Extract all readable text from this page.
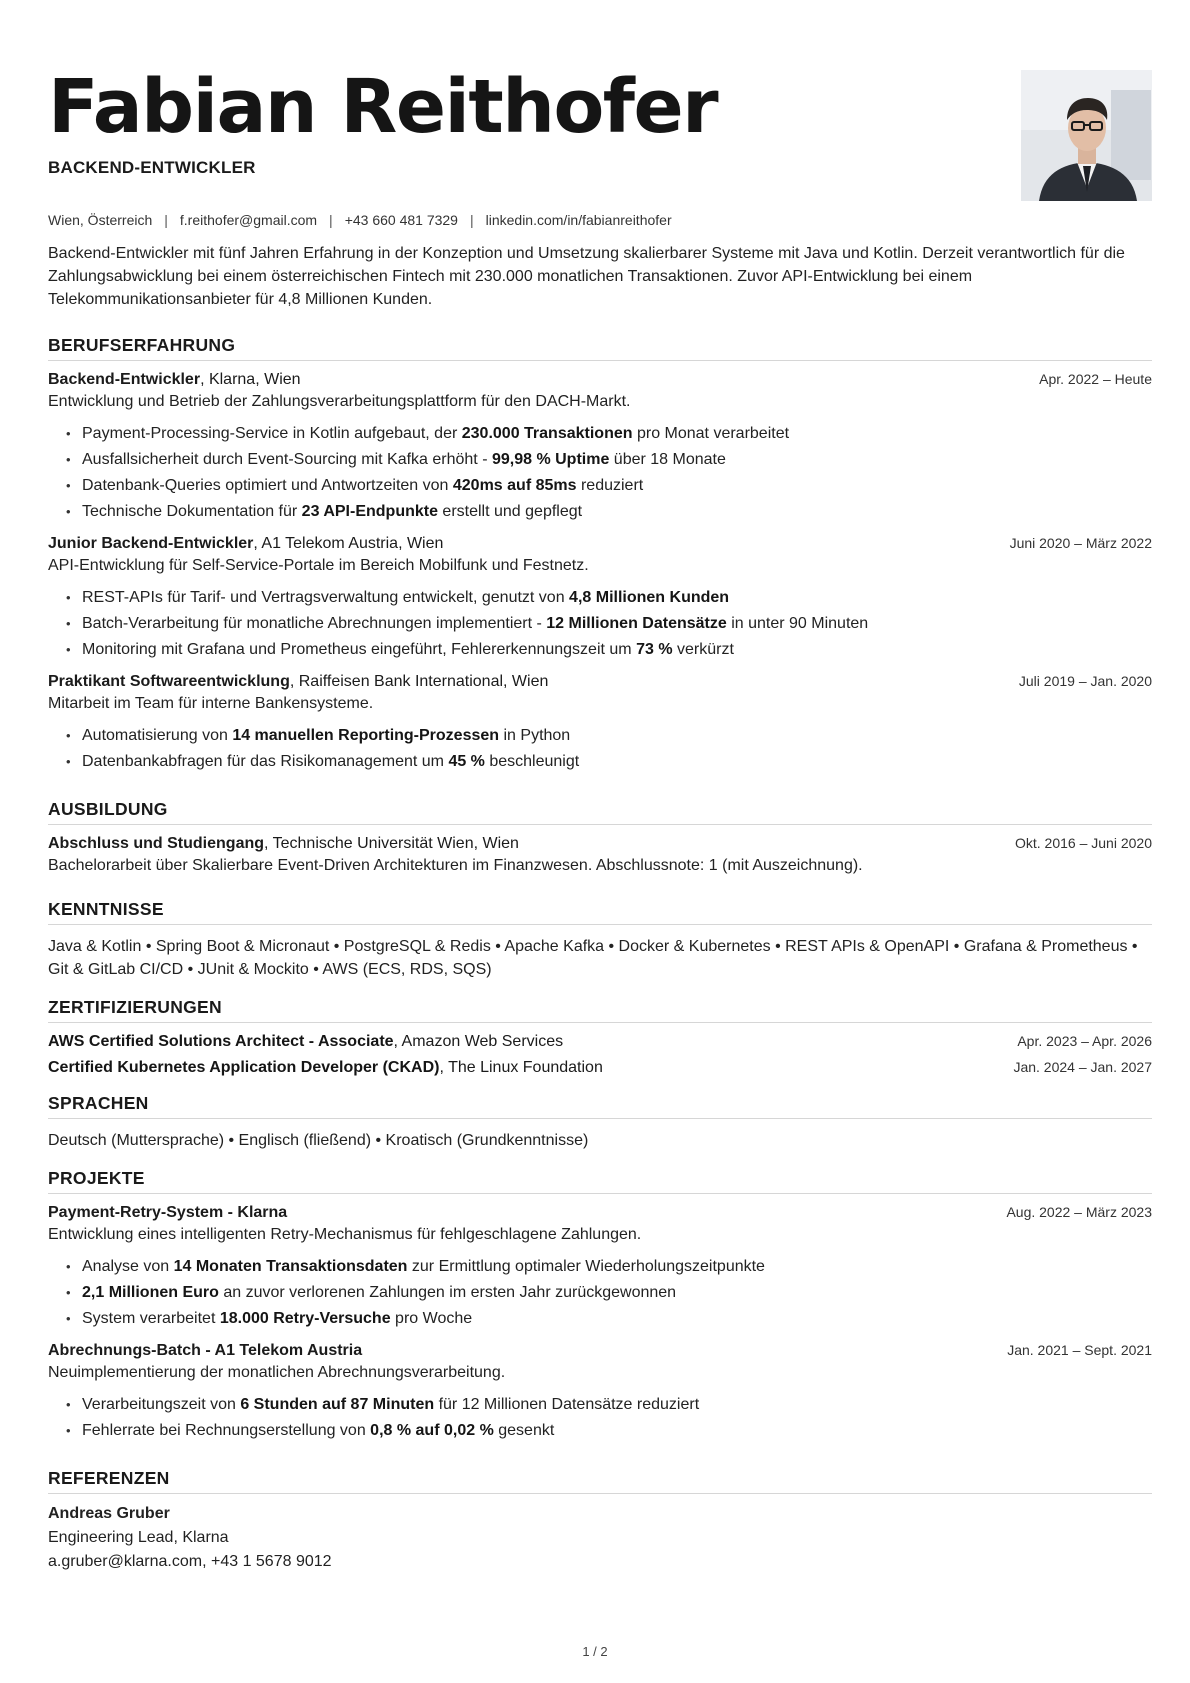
Fabian Reithofer
BACKEND-ENTWICKLER
Wien, Österreich | f.reithofer@gmail.com | +43 660 481 7329 | linkedin.com/in/fabianreithofer
Backend-Entwickler mit fünf Jahren Erfahrung in der Konzeption und Umsetzung skalierbarer Systeme mit Java und Kotlin. Derzeit verantwortlich für die Zahlungsabwicklung bei einem österreichischen Fintech mit 230.000 monatlichen Transaktionen. Zuvor API-Entwicklung bei einem Telekommunikationsanbieter für 4,8 Millionen Kunden.
BERUFSERFAHRUNG
Backend-Entwickler, Klarna, Wien	Apr. 2022 – Heute
Entwicklung und Betrieb der Zahlungsverarbeitungsplattform für den DACH-Markt.
• Payment-Processing-Service in Kotlin aufgebaut, der 230.000 Transaktionen pro Monat verarbeitet
• Ausfallsicherheit durch Event-Sourcing mit Kafka erhöht - 99,98 % Uptime über 18 Monate
• Datenbank-Queries optimiert und Antwortzeiten von 420ms auf 85ms reduziert
• Technische Dokumentation für 23 API-Endpunkte erstellt und gepflegt
Junior Backend-Entwickler, A1 Telekom Austria, Wien	Juni 2020 – März 2022
API-Entwicklung für Self-Service-Portale im Bereich Mobilfunk und Festnetz.
• REST-APIs für Tarif- und Vertragsverwaltung entwickelt, genutzt von 4,8 Millionen Kunden
• Batch-Verarbeitung für monatliche Abrechnungen implementiert - 12 Millionen Datensätze in unter 90 Minuten
• Monitoring mit Grafana und Prometheus eingeführt, Fehlererkennungszeit um 73 % verkürzt
Praktikant Softwareentwicklung, Raiffeisen Bank International, Wien	Juli 2019 – Jan. 2020
Mitarbeit im Team für interne Bankensysteme.
• Automatisierung von 14 manuellen Reporting-Prozessen in Python
• Datenbankabfragen für das Risikomanagement um 45 % beschleunigt
AUSBILDUNG
Abschluss und Studiengang, Technische Universität Wien, Wien	Okt. 2016 – Juni 2020
Bachelorarbeit über Skalierbare Event-Driven Architekturen im Finanzwesen. Abschlussnote: 1 (mit Auszeichnung).
KENNTNISSE
Java & Kotlin • Spring Boot & Micronaut • PostgreSQL & Redis • Apache Kafka • Docker & Kubernetes • REST APIs & OpenAPI • Grafana & Prometheus • Git & GitLab CI/CD • JUnit & Mockito • AWS (ECS, RDS, SQS)
ZERTIFIZIERUNGEN
AWS Certified Solutions Architect - Associate, Amazon Web Services	Apr. 2023 – Apr. 2026
Certified Kubernetes Application Developer (CKAD), The Linux Foundation	Jan. 2024 – Jan. 2027
SPRACHEN
Deutsch (Muttersprache) • Englisch (fließend) • Kroatisch (Grundkenntnisse)
PROJEKTE
Payment-Retry-System - Klarna	Aug. 2022 – März 2023
Entwicklung eines intelligenten Retry-Mechanismus für fehlgeschlagene Zahlungen.
• Analyse von 14 Monaten Transaktionsdaten zur Ermittlung optimaler Wiederholungszeitpunkte
• 2,1 Millionen Euro an zuvor verlorenen Zahlungen im ersten Jahr zurückgewonnen
• System verarbeitet 18.000 Retry-Versuche pro Woche
Abrechnungs-Batch - A1 Telekom Austria	Jan. 2021 – Sept. 2021
Neuimplementierung der monatlichen Abrechnungsverarbeitung.
• Verarbeitungszeit von 6 Stunden auf 87 Minuten für 12 Millionen Datensätze reduziert
• Fehlerrate bei Rechnungserstellung von 0,8 % auf 0,02 % gesenkt
REFERENZEN
Andreas Gruber
Engineering Lead, Klarna
a.gruber@klarna.com, +43 1 5678 9012
1 / 2
